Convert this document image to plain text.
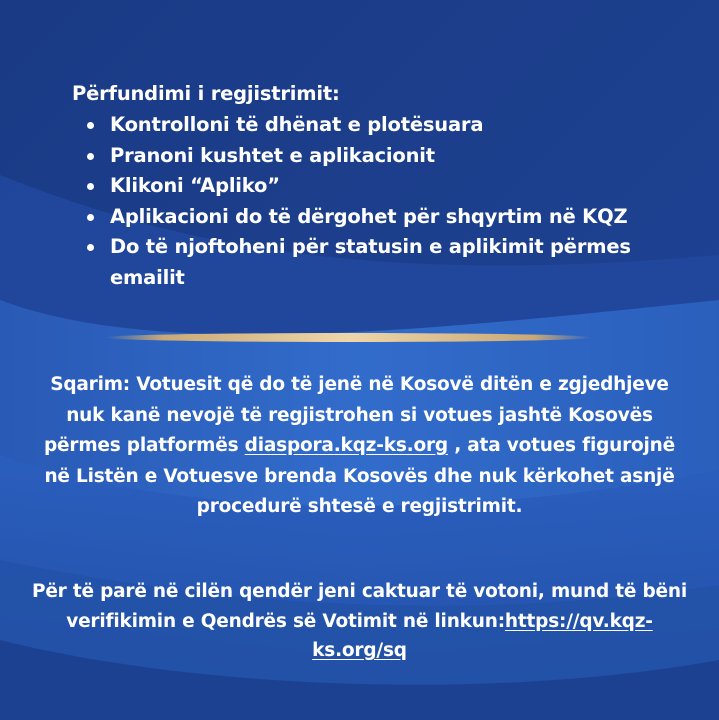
Përfundimi i regjistrimit:
Kontrolloni të dhënat e plotësuara
Pranoni kushtet e aplikacionit
Klikoni “Apliko”
Aplikacioni do të dërgohet për shqyrtim në KQZ
Do të njoftoheni për statusin e aplikimit përmes emailit

Sqarim: Votuesit që do të jenë në Kosovë ditën e zgjedhjeve nuk kanë nevojë të regjistrohen si votues jashtë Kosovës përmes platformës diaspora.kqz-ks.org , ata votues figurojnë në Listën e Votuesve brenda Kosovës dhe nuk kërkohet asnjë procedurë shtesë e regjistrimit.

Për të parë në cilën qendër jeni caktuar të votoni, mund të bëni verifikimin e Qendrës së Votimit në linkun:https://qv.kqz-ks.org/sq
